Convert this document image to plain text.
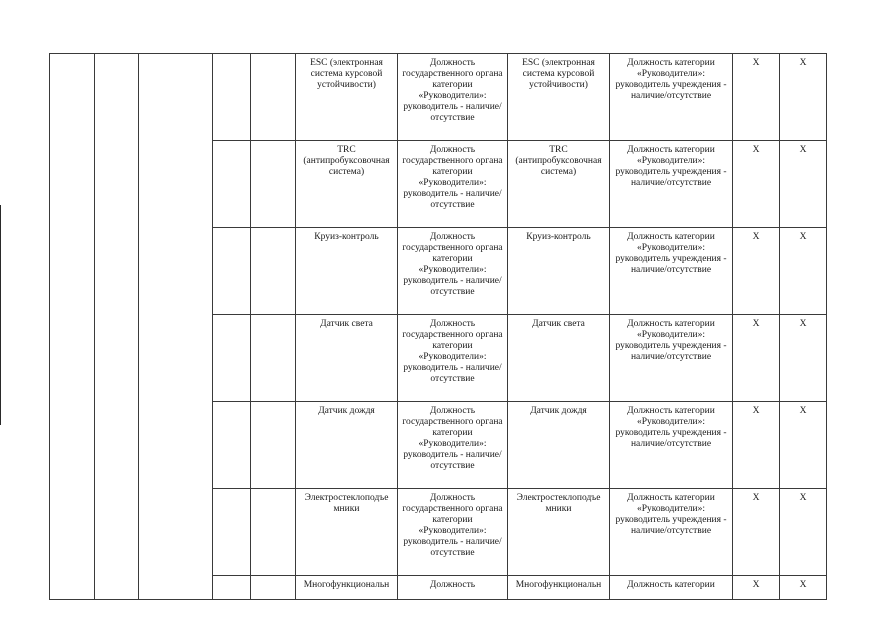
					ESC (электронная система курсовой устойчивости)	Должность государственного органа категории «Руководители»: руководитель - наличие/отсутствие	ESC (электронная система курсовой устойчивости)	Должность категории «Руководители»: руководитель учреждения - наличие/отсутствие	X	X
					TRC (антипробуксовочная система)	Должность государственного органа категории «Руководители»: руководитель - наличие/отсутствие	TRC (антипробуксовочная система)	Должность категории «Руководители»: руководитель учреждения - наличие/отсутствие	X	X
					Круиз-контроль	Должность государственного органа категории «Руководители»: руководитель - наличие/отсутствие	Круиз-контроль	Должность категории «Руководители»: руководитель учреждения - наличие/отсутствие	X	X
					Датчик света	Должность государственного органа категории «Руководители»: руководитель - наличие/отсутствие	Датчик света	Должность категории «Руководители»: руководитель учреждения - наличие/отсутствие	X	X
					Датчик дождя	Должность государственного органа категории «Руководители»: руководитель - наличие/отсутствие	Датчик дождя	Должность категории «Руководители»: руководитель учреждения - наличие/отсутствие	X	X
					Электростеклоподъе мники	Должность государственного органа категории «Руководители»: руководитель - наличие/отсутствие	Электростеклоподъе мники	Должность категории «Руководители»: руководитель учреждения - наличие/отсутствие	X	X
					Многофункциональн	Должность	Многофункциональн	Должность категории	X	X
